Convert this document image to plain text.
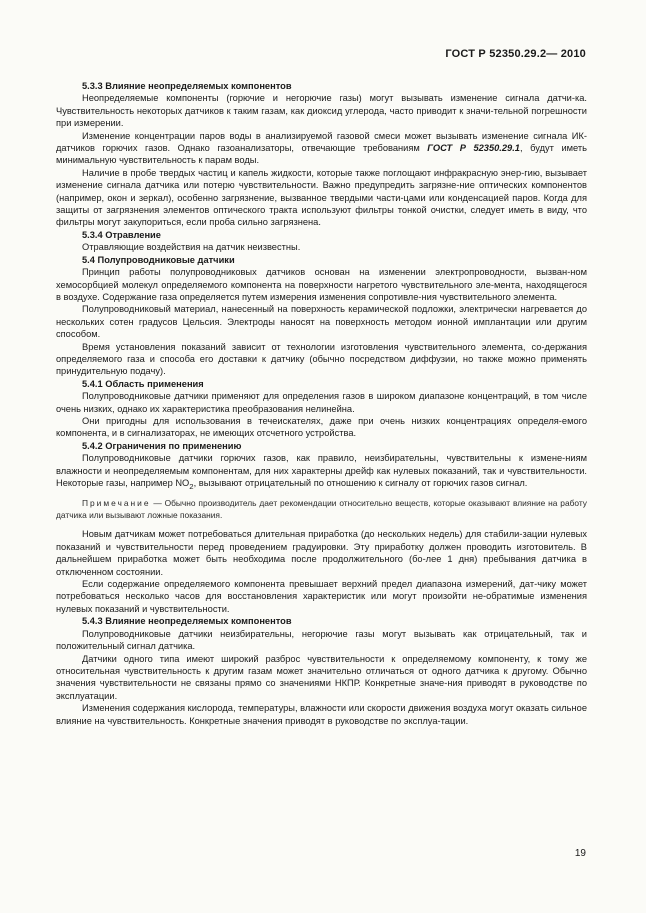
ГОСТ Р 52350.29.2— 2010
5.3.3 Влияние неопределяемых компонентов

Неопределяемые компоненты (горючие и негорючие газы) могут вызывать изменение сигнала датчи-ка. Чувствительность некоторых датчиков к таким газам, как диоксид углерода, часто приводит к значи-тельной погрешности при измерении.

Изменение концентрации паров воды в анализируемой газовой смеси может вызывать изменение сигнала ИК-датчиков горючих газов. Однако газоанализаторы, отвечающие требованиям ГОСТ Р 52350.29.1, будут иметь минимальную чувствительность к парам воды.

Наличие в пробе твердых частиц и капель жидкости, которые также поглощают инфракрасную энер-гию, вызывает изменение сигнала датчика или потерю чувствительности. Важно предупредить загрязне-ние оптических компонентов (например, окон и зеркал), особенно загрязнение, вызванное твердыми части-цами или конденсацией паров. Когда для защиты от загрязнения элементов оптического тракта используют фильтры тонкой очистки, следует иметь в виду, что фильтры могут закупориться, если проба сильно загрязнена.

5.3.4 Отравление

Отравляющие воздействия на датчик неизвестны.

5.4 Полупроводниковые датчики

Принцип работы полупроводниковых датчиков основан на изменении электропроводности, вызван-ном хемосорбцией молекул определяемого компонента на поверхности нагретого чувствительного эле-мента, находящегося в воздухе. Содержание газа определяется путем измерения изменения сопротивле-ния чувствительного элемента.

Полупроводниковый материал, нанесенный на поверхность керамической подложки, электрически нагревается до нескольких сотен градусов Цельсия. Электроды наносят на поверхность методом ионной имплантации или другим способом.

Время установления показаний зависит от технологии изготовления чувствительного элемента, со-держания определяемого газа и способа его доставки к датчику (обычно посредством диффузии, но также можно применять принудительную подачу).

5.4.1 Область применения

Полупроводниковые датчики применяют для определения газов в широком диапазоне концентраций, в том числе очень низких, однако их характеристика преобразования нелинейна.

Они пригодны для использования в течеискателях, даже при очень низких концентрациях определя-емого компонента, и в сигнализаторах, не имеющих отсчетного устройства.

5.4.2 Ограничения по применению

Полупроводниковые датчики горючих газов, как правило, неизбирательны, чувствительны к измене-ниям влажности и неопределяемым компонентам, для них характерны дрейф как нулевых показаний, так и чувствительности. Некоторые газы, например $NO_2$, вызывают отрицательный по отношению к сигналу от горючих газов сигнал.

Примечание — Обычно производитель дает рекомендации относительно веществ, которые оказывают влияние на работу датчика или вызывают ложные показания.

Новым датчикам может потребоваться длительная приработка (до нескольких недель) для стабили-зации нулевых показаний и чувствительности перед проведением градуировки. Эту приработку должен проводить изготовитель. В дальнейшем приработка может быть необходима после продолжительного (бо-лее 1 дня) пребывания датчика в отключенном состоянии.

Если содержание определяемого компонента превышает верхний предел диапазона измерений, дат-чику может потребоваться несколько часов для восстановления характеристик или могут произойти не-обратимые изменения нулевых показаний и чувствительности.

5.4.3 Влияние неопределяемых компонентов

Полупроводниковые датчики неизбирательны, негорючие газы могут вызывать как отрицательный, так и положительный сигнал датчика.

Датчики одного типа имеют широкий разброс чувствительности к определяемому компоненту, к тому же относительная чувствительность к другим газам может значительно отличаться от одного датчика к другому. Обычно значения чувствительности не связаны прямо со значениями НКПР. Конкретные значе-ния приводят в руководстве по эксплуатации.

Изменения содержания кислорода, температуры, влажности или скорости движения воздуха могут оказать сильное влияние на чувствительность. Конкретные значения приводят в руководстве по эксплуа-тации.

19
